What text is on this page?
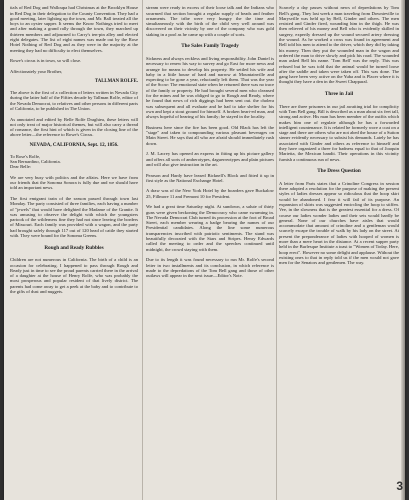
tials of Red Dog and Walloupa had Christmas at the Brooklyn House in Red Dog in their delegation to the County Convention. They had a good meeting, later lighting up the town, and Mr. Ball treated all the boys to an oyster supper. It seems the Know Nothings tried to meet and after making a grand rally through the town, they marched up thirteen members and adjourned to Carry's ten-pin alley and elected eight delegates. The list of eight names was made out by the Rose Hotel Nothing of Red Dog and as they were in the majority at the meeting they had no difficulty to elect themselves.

Rowe's circus is in town, so will close.

Affectionately your Brother,

TALLMAN ROLFE.

The above is the first of a collection of letters written in Nevada City during the latter half of the Fifties decade by Tallman Rolfe, editor of the Nevada Democrat, to relatives and other persons in different parts of California, to be published in The Union.

As annotated and edited by Belle Rolfe Draghiea, these letters will not only treat of major historical themes, but will also carry a thread of romance, the first hint of which is given in the closing line of the above letter—the reference to Rowe's Circus.

NEVADA, CALIFORNIA, Sept. 12, 1856.

To Rose's Rolfe,
San Bernardino, California.
Dear Belle:

We are very busy with politics and the affairs. Here we have from our friends that the Sonoma Sonora is fully due and we should have told an important news.

The first emigrant train of the season passed through town last Monday. The party consisted of three families, each having a number of "jewels" that would have delighted the Madame of the Granite. It was amusing to observe the delight with which the youngsters partook of the wilderness fine they had not since leaving the borders of Missouri. Each family was provided with a wagon, and the party had brought safely through 117 out of 120 head of cattle they started with. They were bound for the Sonoma Greens.

Rough and Ready Rubbles

Children are not numerous in California. The birth of a child is an occasion for celebrating. I happened to pass through Rough and Ready just in time to see the proud parents carried there in the arrival of a daughter at the house of Henry Rolfe, who was probably the most prosperous and popular resident of that lively district. The parents had come away to get a peek at the baby and to contribute to the gifts of dust and nuggets.

stream were ready in excess of their loose talk and the Indians who swarmed that section brought a regular supply of beads and feather ornaments. The tribe were very hungry the the time and simultaneously with the birth of the child very well around was discovered on their vicinity by one of the company who was gold staking in a pool as he came up with a couple of sorts.

The Sales Family Tragedy

Sickness and always reckless and living responsibility. John Daniel is necessary to renew his way to survey and go East for more news and arrange for means to develop his property. He settled his wife and baby in a little house of hard and narrow at Mountainville and expecting to be gone a year, reluctantly left them. That was the year of the Scow: The emotional state when he returned there was no trace of the family or property. He had brought several men who cleansed for the mines and he was obliged to go to Rough and Ready, where he found that news of rich diggings had been sent out. the cholera was subsequent and all evaluate and he had to take shelter for his own and kept a stout ground for himself. A broken heart-ed man, and always hopeful of hearing of his family; he stayed in the locality.

Business here since the fire has been good. Old Black has left the "stage" and taken to compounding various pleasant beverages on Main Street. He says that all who are afraid should immediately rush down.

J. M. Lacrey has opened an express in fitting up his picture gallery and offers all sorts of amberotypes, daguerreotypes and plain pictures and will also give instruction in the art.

Pearson and Hardy have leased Bicknell's Block and fitted it up in first style as the National Exchange Hotel.

A draw was of the New York Hotel by the boarders gave Buckalow 25, Fillmore 11 and Fremont 10 for President.

We had a great time Saturday night. At sundown, a salute of thirty guns were given beckoning the Democracy who came swarming in. The Nevada Democrat Club turned its procession at the foot of Broad Street, each member wearing a badge bearing the names of our Presidential candidates. Along the line some numerous transparencies inscribed with patriotic sentiments. The stand was beautifully decorated with the Stars and Stripes. Henry Edwards called the meeting to order and the speeches continued until midnight, the crowd staying with them.

Due to its length it was found necessary to run Mr. Rolfe's second letter in two installments and its conclusion, in which reference is made to the depredations of the Tom Bell gang and those of other outlaws will appear in the next issue—Editor's Note.

Scarcely a day passes without news of depredations by Tom Bell's gang. They last week a man traveling from Downieville to Marysville was held up by Bell, Ginder and others. The men resisted and Ginder fired, wounding him in the thigh. He was then relieved of his money and Bell who is evidently skilled in surgery, expertly dressed up the wound secured artery dressing the wound. As he worked a cross was found in agreement and Bell told his men to attend to the driver, which they did by taking his money. Then they put the wounded man in the wagon and ordered the man to drive slowly and pick his road. The wounded man asked Bell his name. 'Tom Bell' was the reply. This was refused but he was told that the animal would be turned loose after the saddle and taken were taken off. This was done. The gang have been very active on the Yuba and is Placer where it is thought they have a den in the Sweet Chapparal.

Three in Jail

There are three prisoners in our jail awaiting trial for complicity with Tom Bell gang. Bill is described as a man about six feet tall, strong and active. His man has been member of the outfits which makes him one of regulate although he has a forwarded intelligent countenance. It is related he formerly wore a coat on a stage and there are others who are not abed the house of a Sutton sinner evidently necessary to subsist his demands. Lately he has associated with Ginder and others as reference to himself and they have organized a three for badness equal to that of Joaquin Marietta, the Mexican bandit. Their operations in this vicinity furnish a continuous run of news.

The Dress Question

A letter from Paris states that a Crinoline Congress in session there adopted a resolution for the purpose of making the present styles of ladies dresses appear so ridiculous that the hoop skirt would be abandoned. I fear it will fail of its purpose. An expansion of skirts was suggested encircling the hoop to stiffen. Vee, in the slowness that is the greatest essential for a dress. Of course our ladies wonder ladies and their sets would hardly be general. None of our churches have aisles that would accommodate that amount of crinoline and a gentleman would scarcely escape the trouble of walk by his lady on the street. At present the preponderance of ladies with hooped of women is more than a mere heart in the distance. At a recent supper party held in the Burlesque Institute a toast to "Women of Today. Here, hoop erect". However no some delight and applause. Without the existing ones to that in reply told us if the men would not gave men for the Senators and gentlemen. The way.

3
